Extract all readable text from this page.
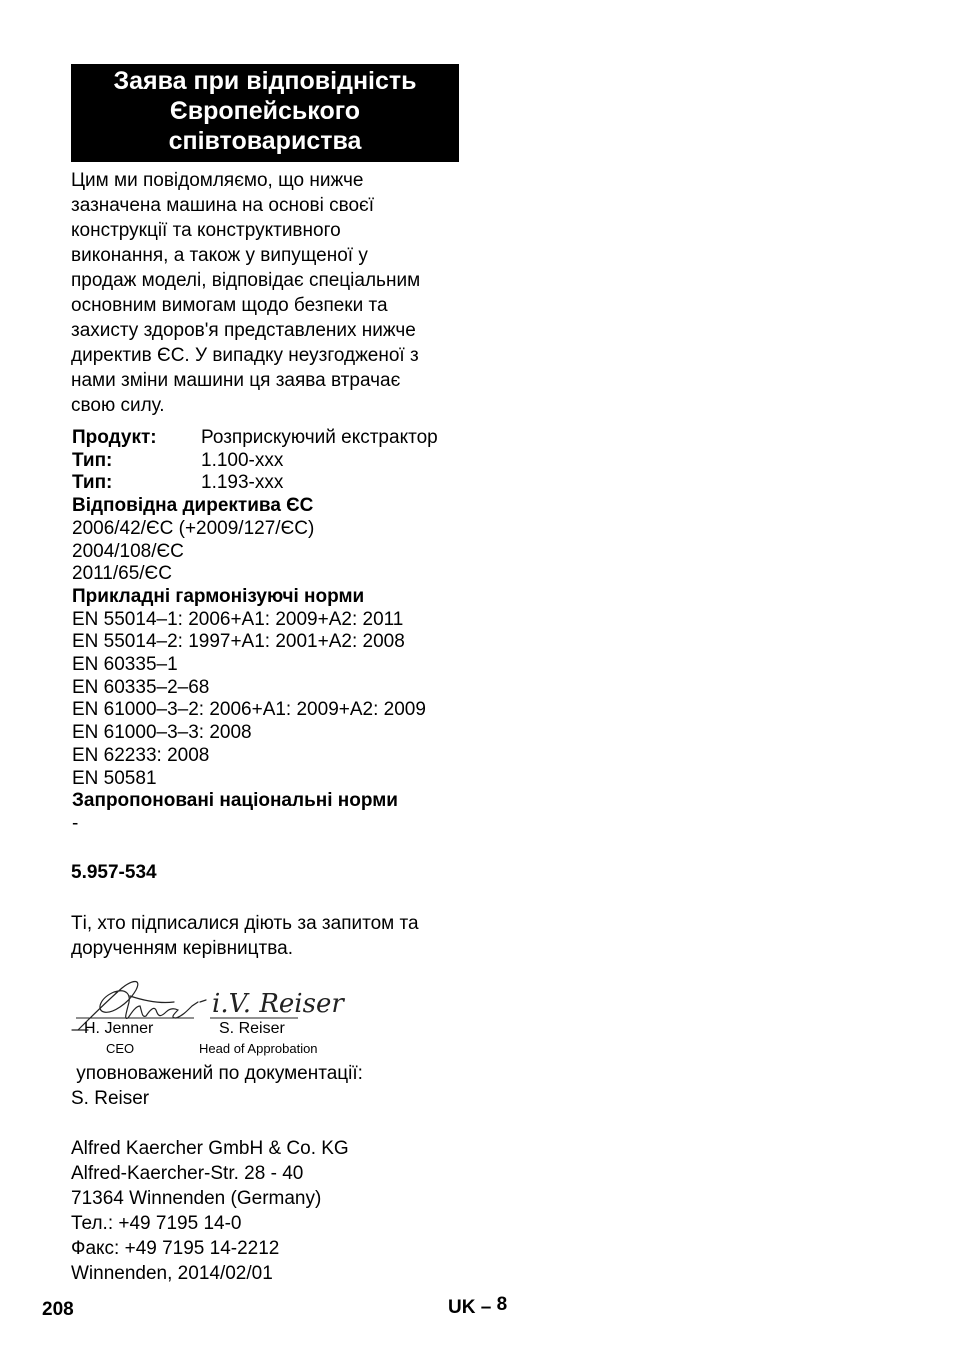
Заява при відповідність
Європейського
співтовариства
Цим ми повідомляємо, що нижче
зазначена машина на основі своєї
конструкції та конструктивного
виконання, а також у випущеної у
продаж моделі, відповідає спеціальним
основним вимогам щодо безпеки та
захисту здоров'я представлених нижче
директив ЄС. У випадку неузгодженої з
нами зміни машини ця заява втрачає
свою силу.
Продукт:	Розприскуючий екстрактор
Тип:	1.100-xxx
Тип:	1.193-xxx
Відповідна директива ЄС
2006/42/ЄС (+2009/127/ЄС)
2004/108/ЄС
2011/65/ЄС
Прикладні гармонізуючі норми
EN 55014–1: 2006+A1: 2009+A2: 2011
EN 55014–2: 1997+A1: 2001+A2: 2008
EN 60335–1
EN 60335–2–68
EN 61000–3–2: 2006+A1: 2009+A2: 2009
EN 61000–3–3: 2008
EN 62233: 2008
EN 50581
Запропоновані національні норми
-
5.957-534
Ті, хто підписалися діють за запитом та
дорученням керівництва.
i.V. Reiser
H. Jenner
CEO
S. Reiser
Head of Approbation
уповноважений по документації:
S. Reiser
Alfred Kaercher GmbH & Co. KG
Alfred-Kaercher-Str. 28 - 40
71364 Winnenden (Germany)
Тел.: +49 7195 14-0
Факс: +49 7195 14-2212
Winnenden, 2014/02/01
208	UK – 8
